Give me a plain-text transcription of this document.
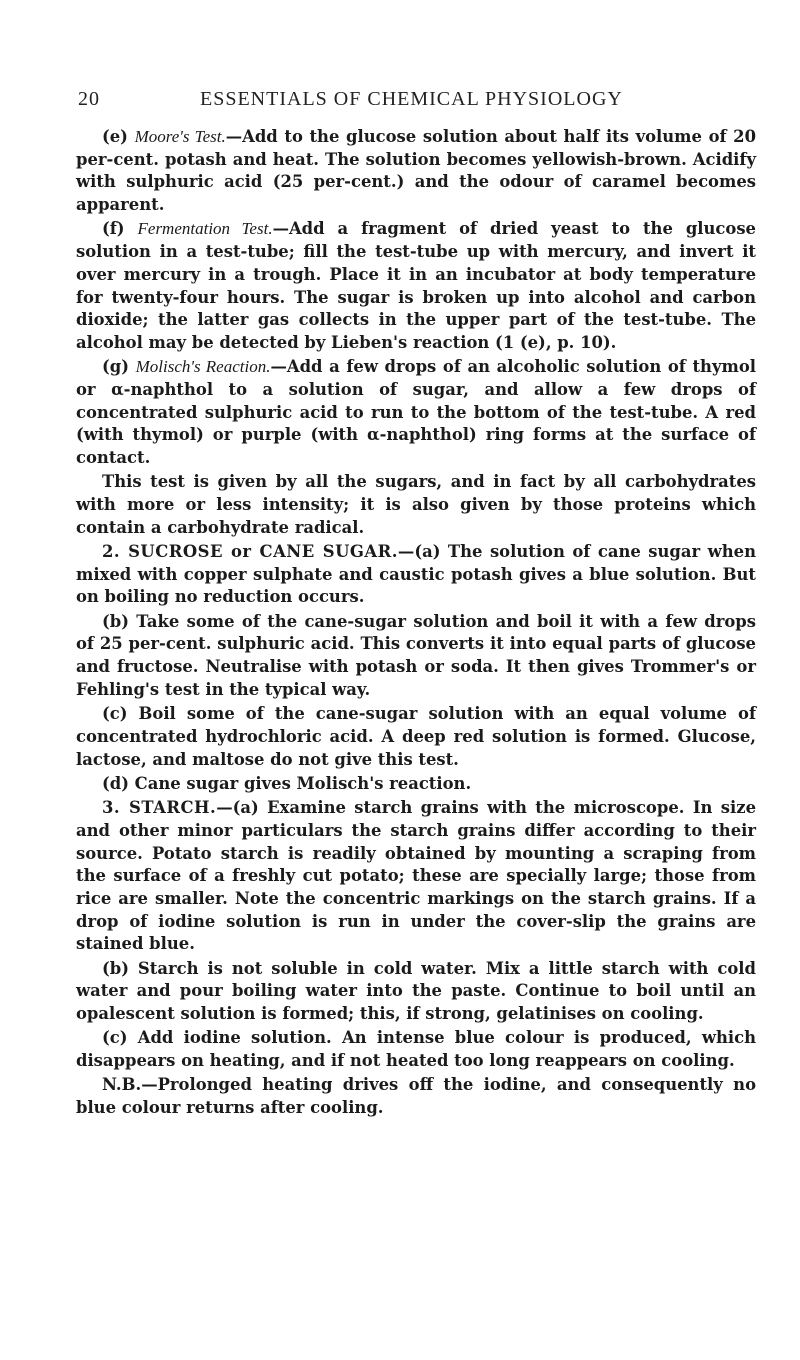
20	ESSENTIALS OF CHEMICAL PHYSIOLOGY

(e) Moore's Test.—Add to the glucose solution about half its volume of 20 per-cent. potash and heat. The solution becomes yellowish-brown. Acidify with sulphuric acid (25 per-cent.) and the odour of caramel becomes apparent.

(f) Fermentation Test.—Add a fragment of dried yeast to the glucose solution in a test-tube; fill the test-tube up with mercury, and invert it over mercury in a trough. Place it in an incubator at body temperature for twenty-four hours. The sugar is broken up into alcohol and carbon dioxide; the latter gas collects in the upper part of the test-tube. The alcohol may be detected by Lieben's reaction (1 (e), p. 10).

(g) Molisch's Reaction.—Add a few drops of an alcoholic solution of thymol or α-naphthol to a solution of sugar, and allow a few drops of concentrated sulphuric acid to run to the bottom of the test-tube. A red (with thymol) or purple (with α-naphthol) ring forms at the surface of contact.

This test is given by all the sugars, and in fact by all carbohydrates with more or less intensity; it is also given by those proteins which contain a carbohydrate radical.

2. SUCROSE or CANE SUGAR.—(a) The solution of cane sugar when mixed with copper sulphate and caustic potash gives a blue solution. But on boiling no reduction occurs.

(b) Take some of the cane-sugar solution and boil it with a few drops of 25 per-cent. sulphuric acid. This converts it into equal parts of glucose and fructose. Neutralise with potash or soda. It then gives Trommer's or Fehling's test in the typical way.

(c) Boil some of the cane-sugar solution with an equal volume of concentrated hydrochloric acid. A deep red solution is formed. Glucose, lactose, and maltose do not give this test.

(d) Cane sugar gives Molisch's reaction.

3. STARCH.—(a) Examine starch grains with the microscope. In size and other minor particulars the starch grains differ according to their source. Potato starch is readily obtained by mounting a scraping from the surface of a freshly cut potato; these are specially large; those from rice are smaller. Note the concentric markings on the starch grains. If a drop of iodine solution is run in under the cover-slip the grains are stained blue.

(b) Starch is not soluble in cold water. Mix a little starch with cold water and pour boiling water into the paste. Continue to boil until an opalescent solution is formed; this, if strong, gelatinises on cooling.

(c) Add iodine solution. An intense blue colour is produced, which disappears on heating, and if not heated too long reappears on cooling.

N.B.—Prolonged heating drives off the iodine, and consequently no blue colour returns after cooling.
